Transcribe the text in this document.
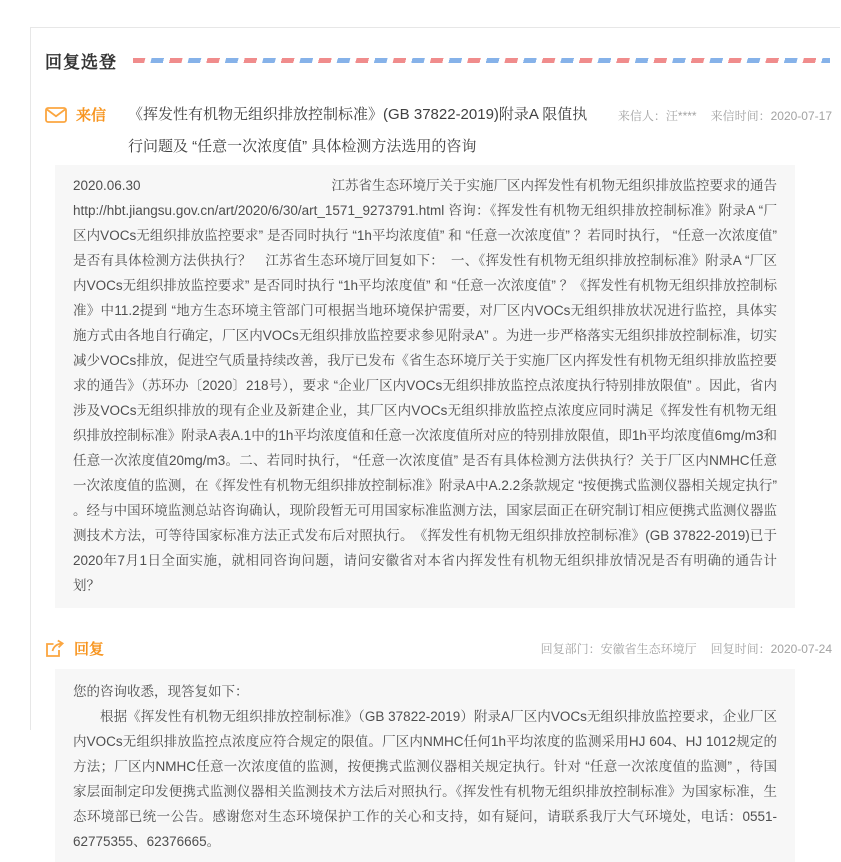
回复选登
来信 《挥发性有机物无组织排放控制标准》(GB 37822-2019)附录A 限值执行问题及 “任意一次浓度值” 具体检测方法选用的咨询
来信人：汪**** 来信时间：2020-07-17
2020.06.30	江苏省生态环境厅关于实施厂区内挥发性有机物无组织排放监控要求的通告

http://hbt.jiangsu.gov.cn/art/2020/6/30/art_1571_9273791.html 咨询：《挥发性有机物无组织排放控制标准》附录A “厂区内VOCs无组织排放监控要求” 是否同时执行 “1h平均浓度值” 和 “任意一次浓度值” ？若同时执行， “任意一次浓度值” 是否有具体检测方法供执行？　江苏省生态环境厅回复如下：　一、《挥发性有机物无组织排放控制标准》附录A “厂区内VOCs无组织排放监控要求” 是否同时执行 “1h平均浓度值” 和 “任意一次浓度值” ？《挥发性有机物无组织排放控制标准》中11.2提到 “地方生态环境主管部门可根据当地环境保护需要，对厂区内VOCs无组织排放状况进行监控，具体实施方式由各地自行确定，厂区内VOCs无组织排放监控要求参见附录A” 。为进一步严格落实无组织排放控制标准，切实减少VOCs排放，促进空气质量持续改善，我厅已发布《省生态环境厅关于实施厂区内挥发性有机物无组织排放监控要求的通告》（苏环办〔2020〕218号），要求 “企业厂区内VOCs无组织排放监控点浓度执行特别排放限值” 。因此，省内涉及VOCs无组织排放的现有企业及新建企业，其厂区内VOCs无组织排放监控点浓度应同时满足《挥发性有机物无组织排放控制标准》附录A表A.1中的1h平均浓度值和任意一次浓度值所对应的特别排放限值，即1h平均浓度值6mg/m3和任意一次浓度值20mg/m3。二、若同时执行， “任意一次浓度值” 是否有具体检测方法供执行？关于厂区内NMHC任意一次浓度值的监测，在《挥发性有机物无组织排放控制标准》附录A中A.2.2条款规定 “按便携式监测仪器相关规定执行” 。经与中国环境监测总站咨询确认，现阶段暂无可用国家标准监测方法，国家层面正在研究制订相应便携式监测仪器监测技术方法，可等待国家标准方法正式发布后对照执行。　《挥发性有机物无组织排放控制标准》(GB 37822-2019)已于2020年7月1日全面实施，就相同咨询问题，请问安徽省对本省内挥发性有机物无组织排放情况是否有明确的通告计划？

回复	回复部门：安徽省生态环境厅 回复时间：2020-07-24

您的咨询收悉，现答复如下：

根据《挥发性有机物无组织排放控制标准》（GB 37822-2019）附录A厂区内VOCs无组织排放监控要求，企业厂区内VOCs无组织排放监控点浓度应符合规定的限值。厂区内NMHC任何1h平均浓度的监测采用HJ 604、HJ 1012规定的方法；厂区内NMHC任意一次浓度值的监测，按便携式监测仪器相关规定执行。针对 “任意一次浓度值的监测” ，待国家层面制定印发便携式监测仪器相关监测技术方法后对照执行。《挥发性有机物无组织排放控制标准》为国家标准，生态环境部已统一公告。感谢您对生态环境保护工作的关心和支持，如有疑问，请联系我厅大气环境处，电话：0551-62775355、62376665。
